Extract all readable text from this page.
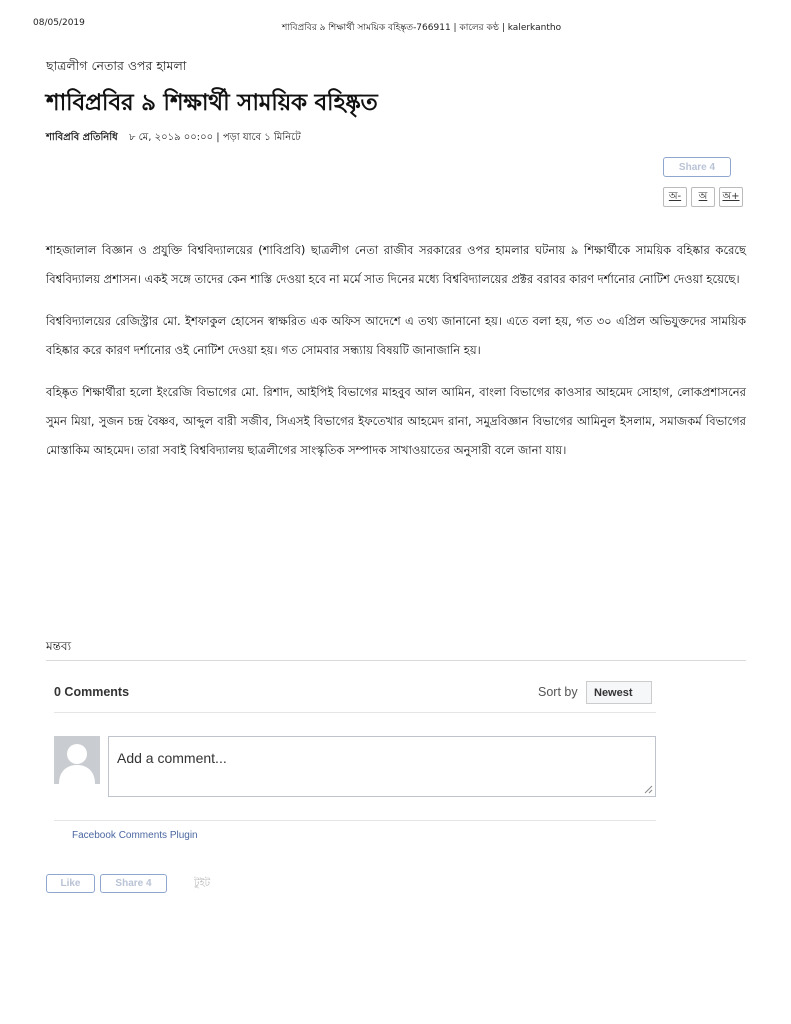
08/05/2019	শাবিপ্রবির ৯ শিক্ষার্থী সাময়িক বহিষ্কৃত-766911 | কালের কণ্ঠ | kalerkantho
ছাত্রলীগ নেতার ওপর হামলা
শাবিপ্রবির ৯ শিক্ষার্থী সাময়িক বহিষ্কৃত
শাবিপ্রবি প্রতিনিধি ৮ মে, ২০১৯ ০০:০০ | পড়া যাবে ১ মিনিটে
Share 4
অ-	অ	অ+

শাহজালাল বিজ্ঞান ও প্রযুক্তি বিশ্ববিদ্যালয়ের (শাবিপ্রবি) ছাত্রলীগ নেতা রাজীব সরকারের ওপর হামলার ঘটনায় ৯ শিক্ষার্থীকে সাময়িক বহিষ্কার করেছে বিশ্ববিদ্যালয় প্রশাসন। একই সঙ্গে তাদের কেন শাস্তি দেওয়া হবে না মর্মে সাত দিনের মধ্যে বিশ্ববিদ্যালয়ের প্রক্টর বরাবর কারণ দর্শানোর নোটিশ দেওয়া হয়েছে।

বিশ্ববিদ্যালয়ের রেজিস্ট্রার মো. ইশফাকুল হোসেন স্বাক্ষরিত এক অফিস আদেশে এ তথ্য জানানো হয়। এতে বলা হয়, গত ৩০ এপ্রিল অভিযুক্তদের সাময়িক বহিষ্কার করে কারণ দর্শানোর ওই নোটিশ দেওয়া হয়। গত সোমবার সন্ধ্যায় বিষয়টি জানাজানি হয়।

বহিষ্কৃত শিক্ষার্থীরা হলো ইংরেজি বিভাগের মো. রিশাদ, আইপিই বিভাগের মাহবুব আল আমিন, বাংলা বিভাগের কাওসার আহমেদ সোহাগ, লোকপ্রশাসনের সুমন মিয়া, সুজন চন্দ্র বৈষ্ণব, আব্দুল বারী সজীব, সিএসই বিভাগের ইফতেখার আহমেদ রানা, সমুদ্রবিজ্ঞান বিভাগের আমিনুল ইসলাম, সমাজকর্ম বিভাগের মোস্তাকিম আহমেদ। তারা সবাই বিশ্ববিদ্যালয় ছাত্রলীগের সাংস্কৃতিক সম্পাদক সাখাওয়াতের অনুসারী বলে জানা যায়।

মন্তব্য
0 Comments	Sort by	Newest
Add a comment...
Facebook Comments Plugin
Like	Share 4	টুইট
